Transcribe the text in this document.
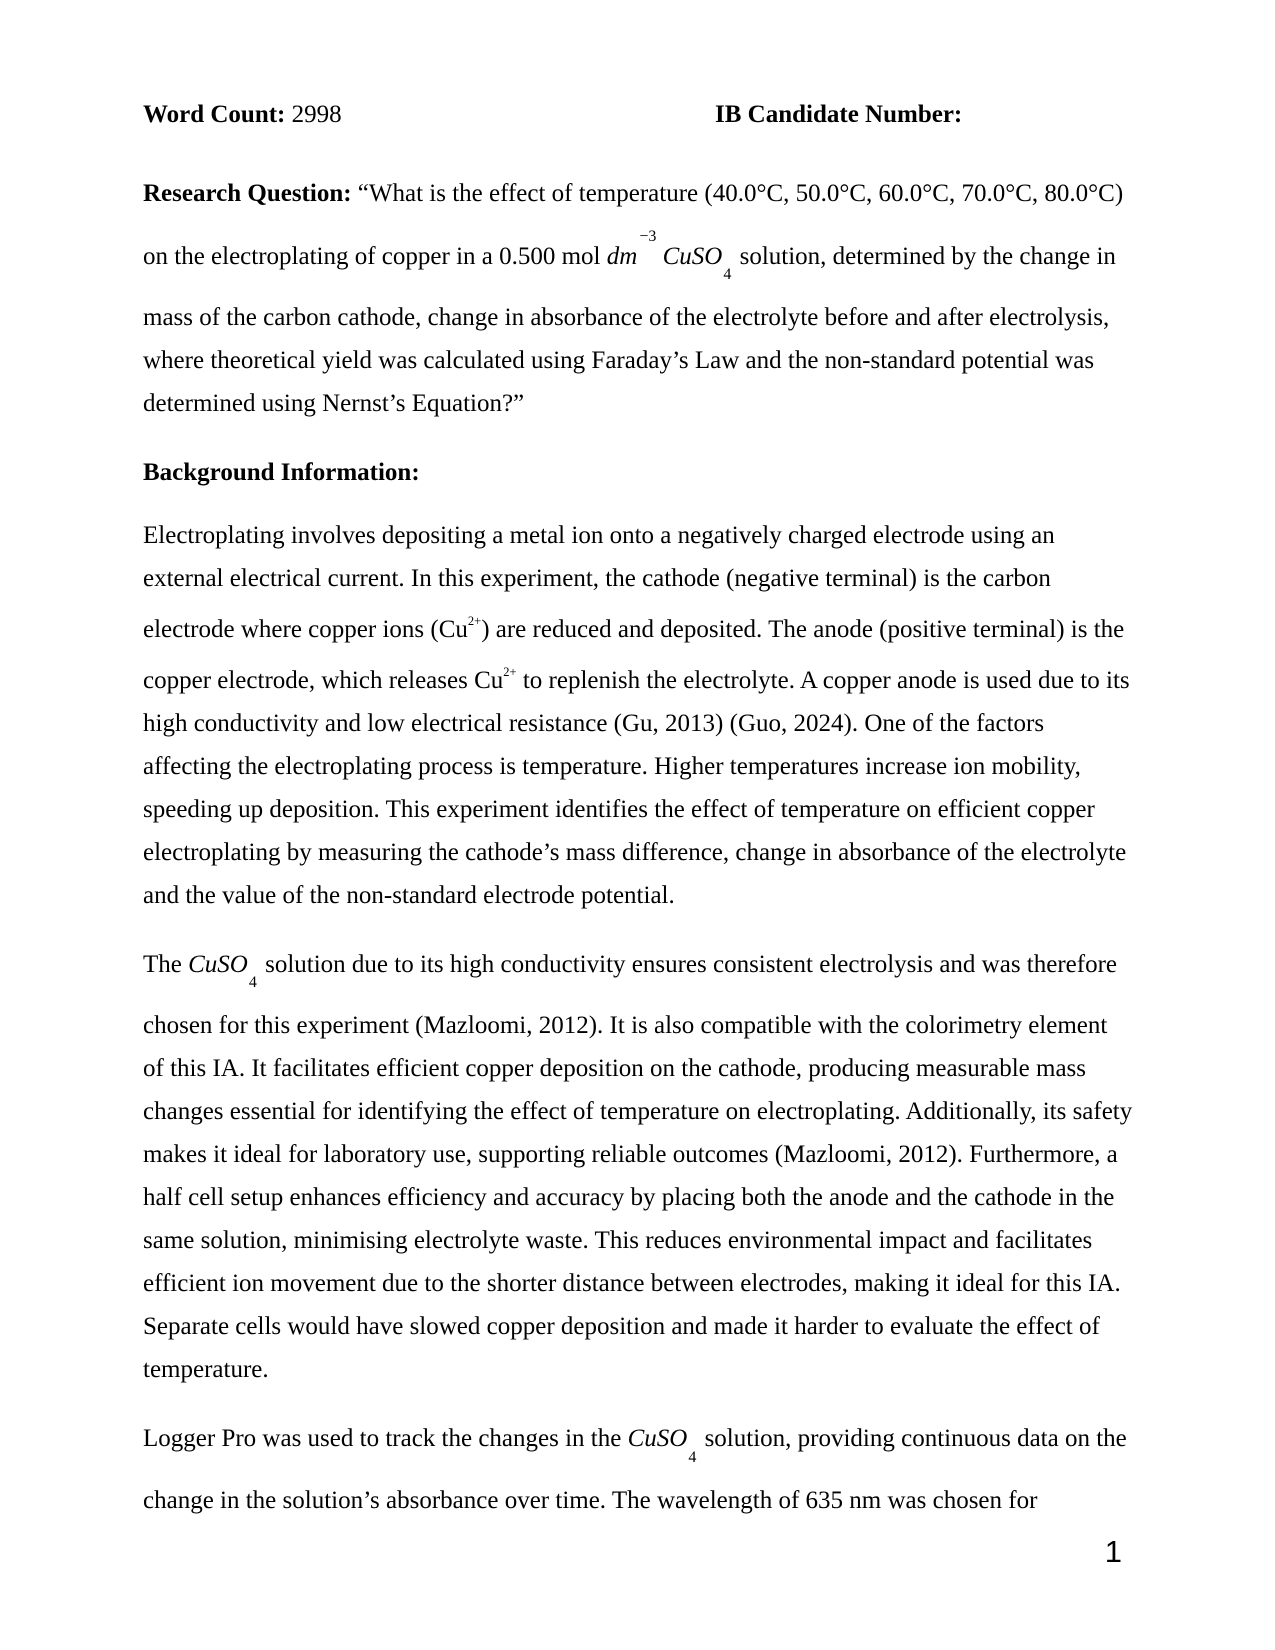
Word Count: 2998	IB Candidate Number:

Research Question: “What is the effect of temperature (40.0°C, 50.0°C, 60.0°C, 70.0°C, 80.0°C) on the electroplating of copper in a 0.500 mol $dm^{-3}$ CuSO$_4$ solution, determined by the change in mass of the carbon cathode, change in absorbance of the electrolyte before and after electrolysis, where theoretical yield was calculated using Faraday’s Law and the non-standard potential was determined using Nernst’s Equation?”

Background Information:

Electroplating involves depositing a metal ion onto a negatively charged electrode using an external electrical current. In this experiment, the cathode (negative terminal) is the carbon electrode where copper ions $(Cu^{2+})$ are reduced and deposited. The anode (positive terminal) is the copper electrode, which releases $Cu^{2+}$ to replenish the electrolyte. A copper anode is used due to its high conductivity and low electrical resistance (Gu, 2013) (Guo, 2024). One of the factors affecting the electroplating process is temperature. Higher temperatures increase ion mobility, speeding up deposition. This experiment identifies the effect of temperature on efficient copper electroplating by measuring the cathode’s mass difference, change in absorbance of the electrolyte and the value of the non-standard electrode potential.

The CuSO$_4$ solution due to its high conductivity ensures consistent electrolysis and was therefore chosen for this experiment (Mazloomi, 2012). It is also compatible with the colorimetry element of this IA. It facilitates efficient copper deposition on the cathode, producing measurable mass changes essential for identifying the effect of temperature on electroplating. Additionally, its safety makes it ideal for laboratory use, supporting reliable outcomes (Mazloomi, 2012). Furthermore, a half cell setup enhances efficiency and accuracy by placing both the anode and the cathode in the same solution, minimising electrolyte waste. This reduces environmental impact and facilitates efficient ion movement due to the shorter distance between electrodes, making it ideal for this IA. Separate cells would have slowed copper deposition and made it harder to evaluate the effect of temperature.

Logger Pro was used to track the changes in the CuSO$_4$ solution, providing continuous data on the change in the solution’s absorbance over time. The wavelength of 635 nm was chosen for

1
